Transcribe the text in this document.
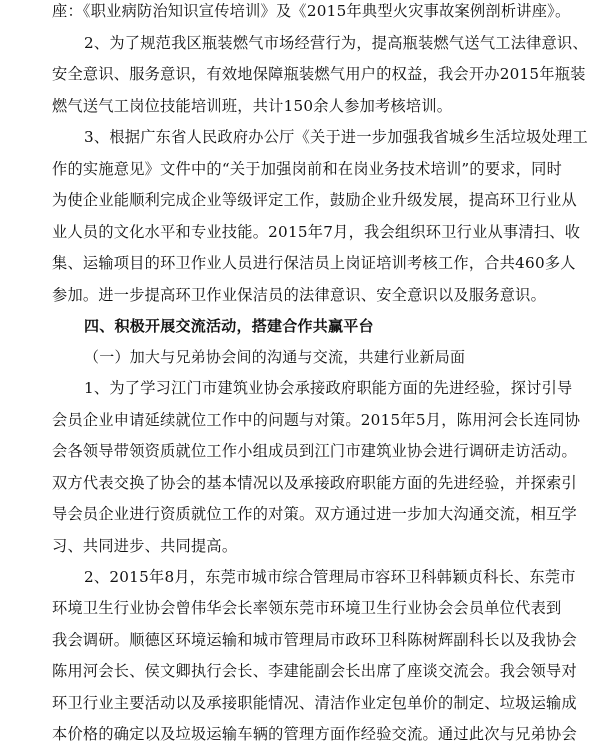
座：《职业病防治知识宣传培训》及《2015年典型火灾事故案例剖析讲座》。
2、为了规范我区瓶装燃气市场经营行为，提高瓶装燃气送气工法律意识、
安全意识、服务意识，有效地保障瓶装燃气用户的权益，我会开办2015年瓶装
燃气送气工岗位技能培训班，共计150余人参加考核培训。
3、根据广东省人民政府办公厅《关于进一步加强我省城乡生活垃圾处理工
作的实施意见》文件中的“关于加强岗前和在岗业务技术培训”的要求，同时
为使企业能顺利完成企业等级评定工作，鼓励企业升级发展，提高环卫行业从
业人员的文化水平和专业技能。2015年7月，我会组织环卫行业从事清扫、收
集、运输项目的环卫作业人员进行保洁员上岗证培训考核工作，合共460多人
参加。进一步提高环卫作业保洁员的法律意识、安全意识以及服务意识。
四、积极开展交流活动，搭建合作共赢平台
（一）加大与兄弟协会间的沟通与交流，共建行业新局面
1、为了学习江门市建筑业协会承接政府职能方面的先进经验，探讨引导
会员企业申请延续就位工作中的问题与对策。2015年5月，陈用河会长连同协
会各领导带领资质就位工作小组成员到江门市建筑业协会进行调研走访活动。
双方代表交换了协会的基本情况以及承接政府职能方面的先进经验，并探索引
导会员企业进行资质就位工作的对策。双方通过进一步加大沟通交流，相互学
习、共同进步、共同提高。
2、2015年8月，东莞市城市综合管理局市容环卫科韩颖贞科长、东莞市
环境卫生行业协会曾伟华会长率领东莞市环境卫生行业协会会员单位代表到
我会调研。顺德区环境运输和城市管理局市政环卫科陈树辉副科长以及我协会
陈用河会长、侯文卿执行会长、李建能副会长出席了座谈交流会。我会领导对
环卫行业主要活动以及承接职能情况、清洁作业定包单价的制定、垃圾运输成
本价格的确定以及垃圾运输车辆的管理方面作经验交流。通过此次与兄弟协会
